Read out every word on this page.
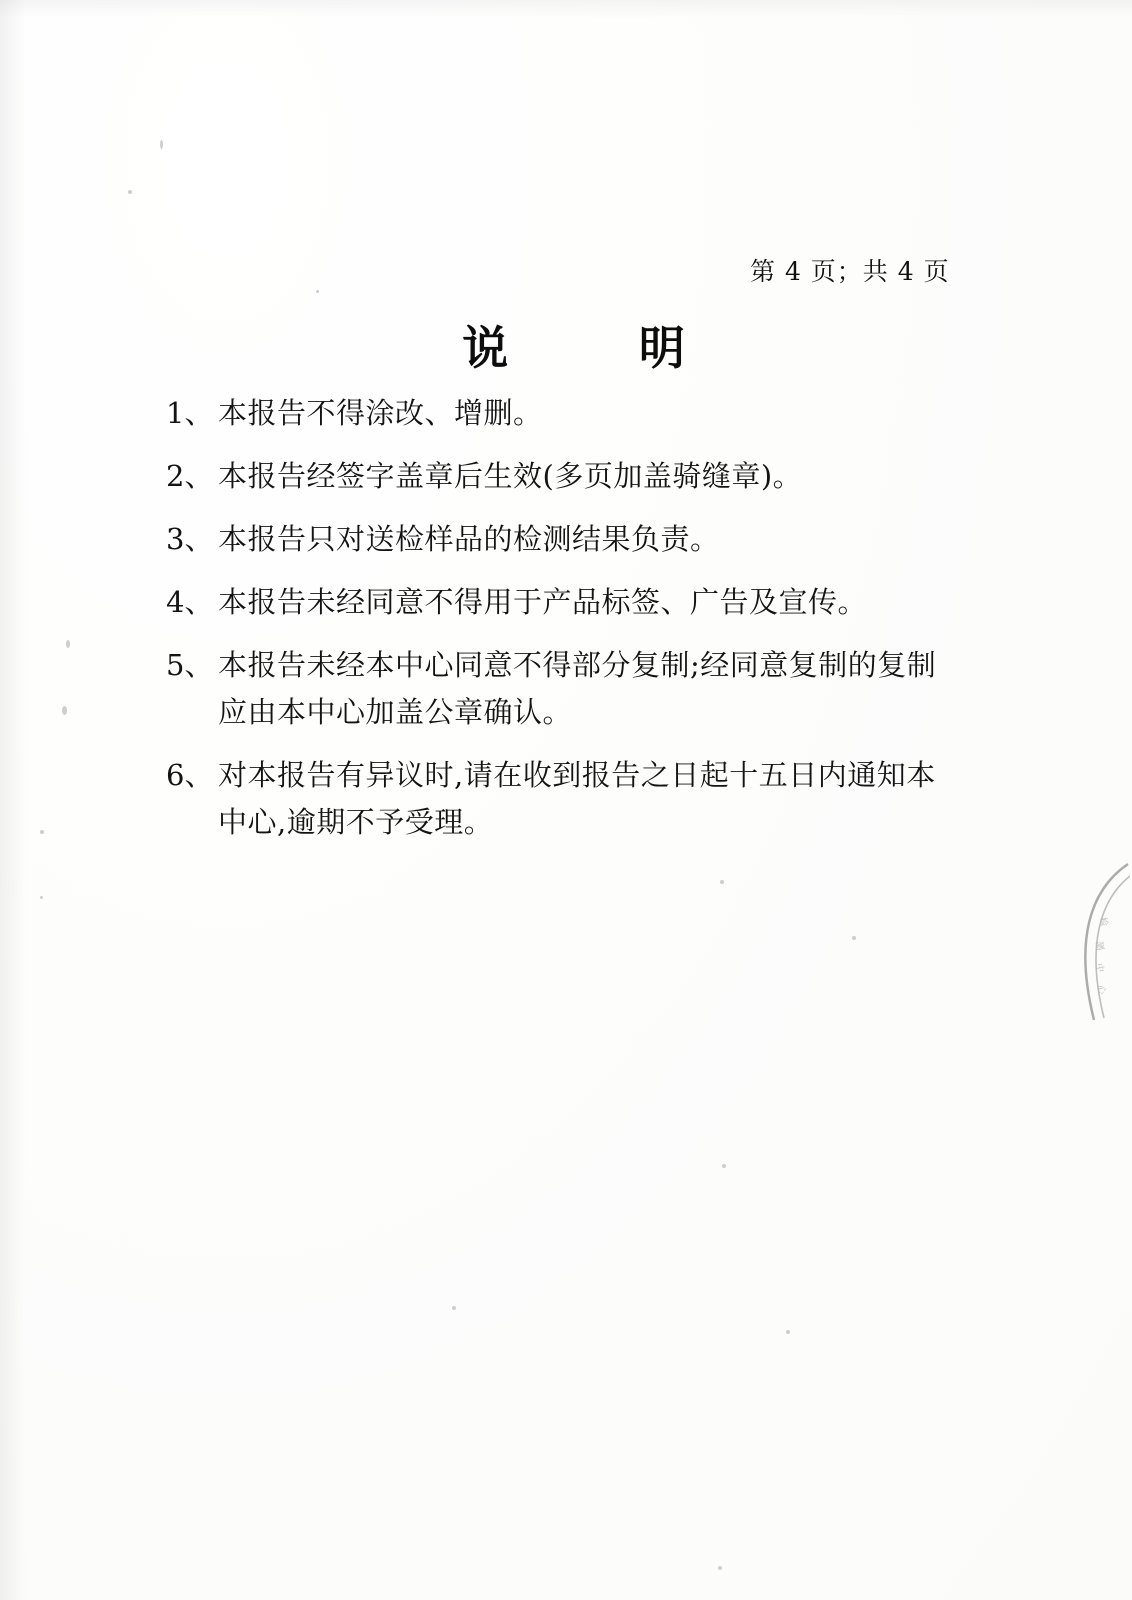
第 4 页；共 4 页
说　　明
1、 本报告不得涂改、增删。
2、 本报告经签字盖章后生效(多页加盖骑缝章)。
3、 本报告只对送检样品的检测结果负责。
4、 本报告未经同意不得用于产品标签、广告及宣传。
5、 本报告未经本中心同意不得部分复制;经同意复制的复制
应由本中心加盖公章确认。
6、 对本报告有异议时,请在收到报告之日起十五日内通知本
中心,逾期不予受理。
检
测
中
心
